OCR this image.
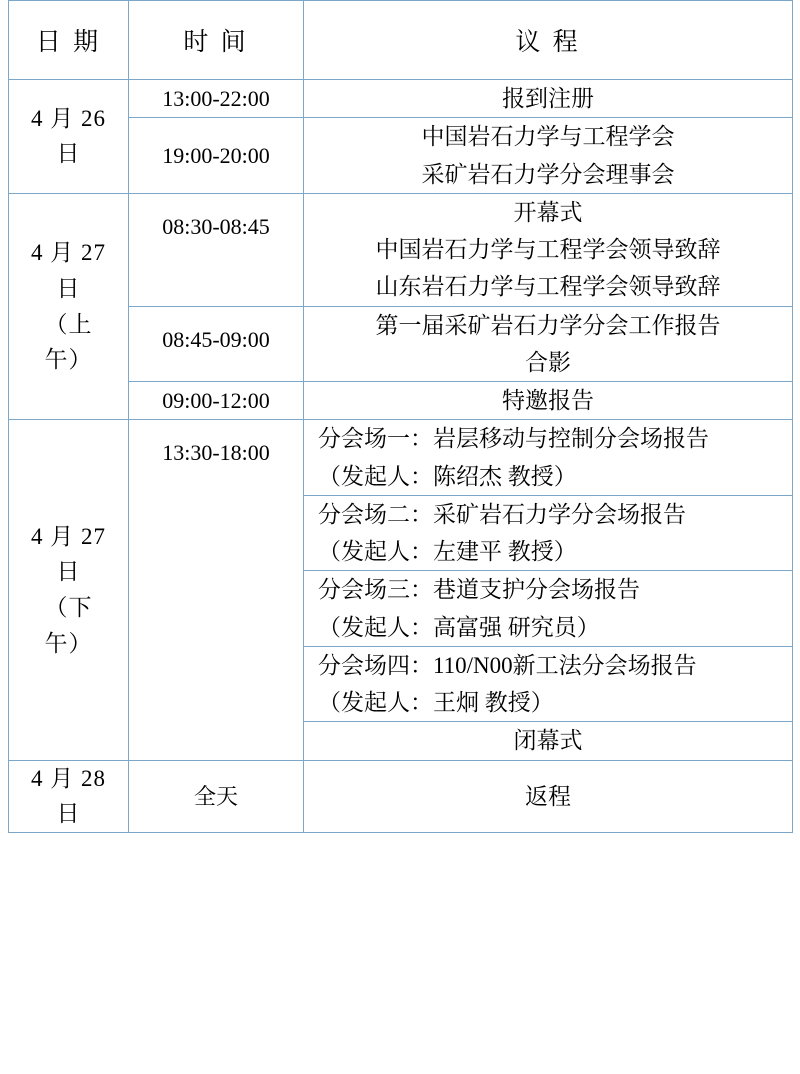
日 期	时 间	议 程

4 月 26
日	13:00-22:00	报到注册

	19:00-20:00	中国岩石力学与工程学会
采矿岩石力学分会理事会

4 月 27
日
（上
午）	08:30-08:45	开幕式
中国岩石力学与工程学会领导致辞
山东岩石力学与工程学会领导致辞

	08:45-09:00	第一届采矿岩石力学分会工作报告
合影

	09:00-12:00	特邀报告

4 月 27
日
（下
午）	13:30-18:00	分会场一：岩层移动与控制分会场报告
（发起人：陈绍杰 教授）

		分会场二：采矿岩石力学分会场报告
（发起人：左建平 教授）

		分会场三：巷道支护分会场报告
（发起人：高富强 研究员）

		分会场四：110/N00新工法分会场报告
（发起人：王炯 教授）

		闭幕式

4 月 28
日	全天	返程
